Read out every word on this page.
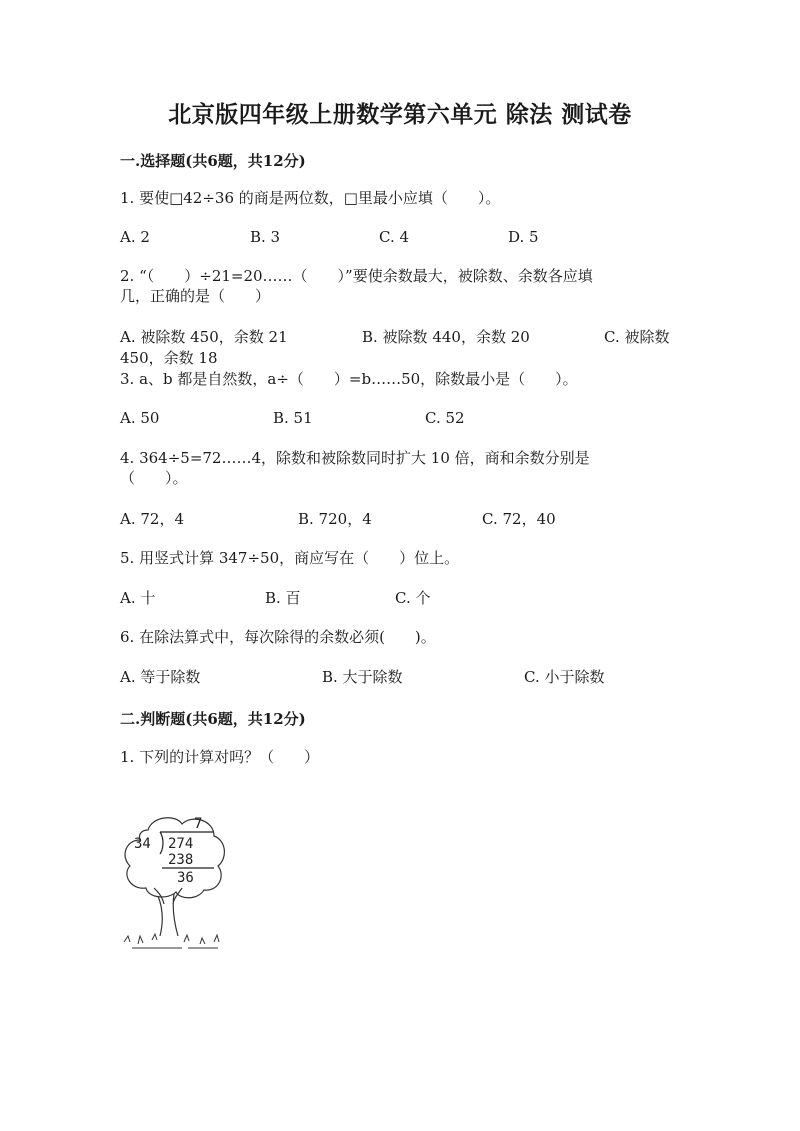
北京版四年级上册数学第六单元 除法 测试卷
一.选择题(共6题，共12分)
1. 要使□42÷36 的商是两位数，□里最小应填（　　）。
A. 2	B. 3	C. 4	D. 5
2. “（　　）÷21=20……（　　）”要使余数最大，被除数、余数各应填
几，正确的是（　　）
A. 被除数 450，余数 21	B. 被除数 440，余数 20	C. 被除数
450，余数 18
3. a、b 都是自然数，a÷（　　）=b……50，除数最小是（　　）。
A. 50	B. 51	C. 52
4. 364÷5=72……4，除数和被除数同时扩大 10 倍，商和余数分别是
（　　）。
A. 72，4	B. 720，4	C. 72，40
5. 用竖式计算 347÷50，商应写在（　　）位上。
A. 十	B. 百	C. 个
6. 在除法算式中，每次除得的余数必须(　　)。
A. 等于除数	B. 大于除数	C. 小于除数
二.判断题(共6题，共12分)
1. 下列的计算对吗？（　　）
7
34 274
238
36
